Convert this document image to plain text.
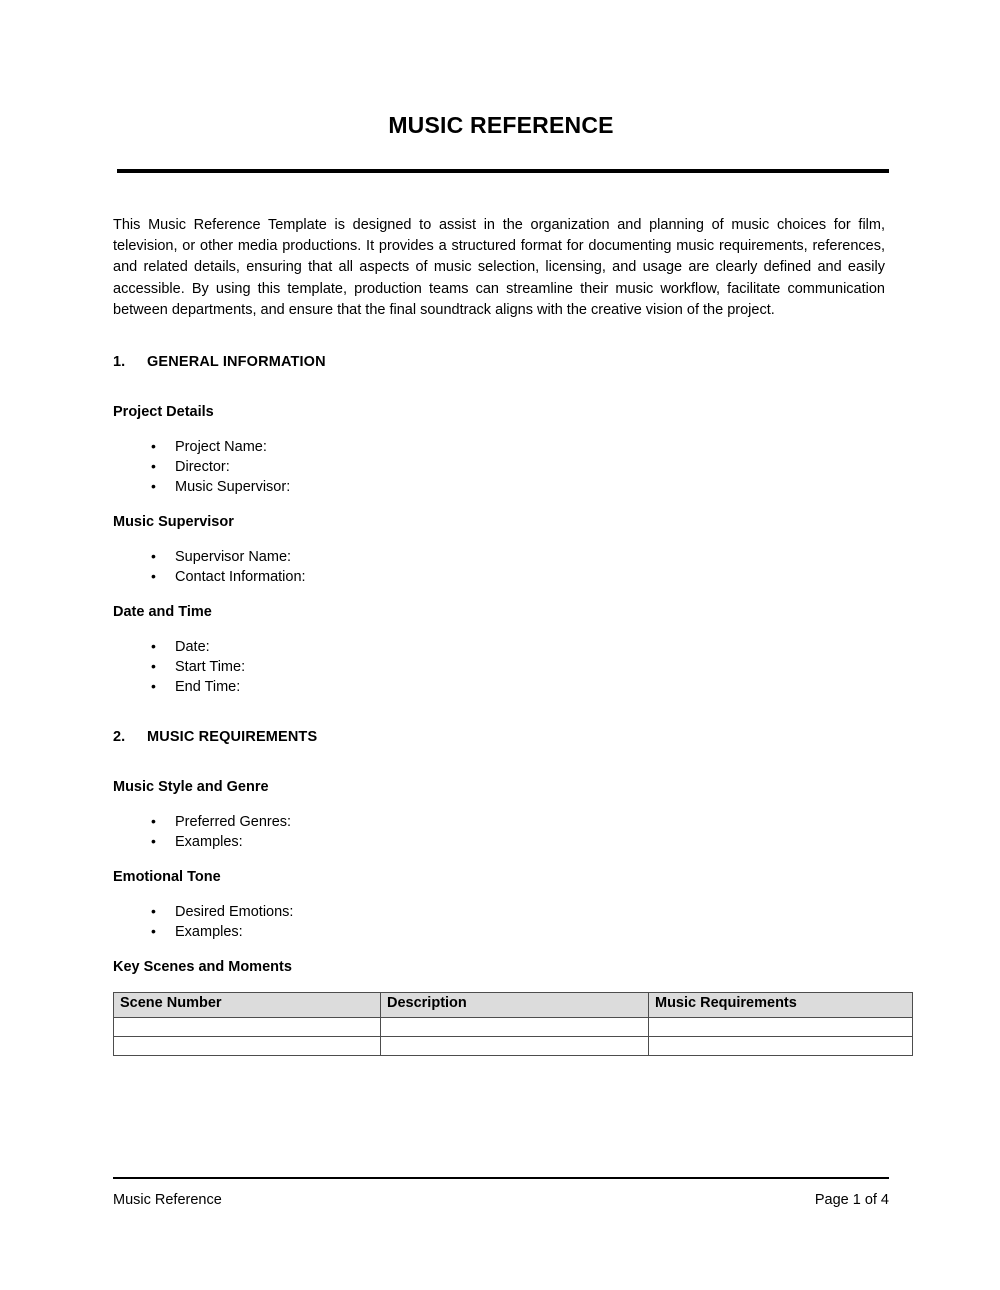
MUSIC REFERENCE

This Music Reference Template is designed to assist in the organization and planning of music choices for film, television, or other media productions. It provides a structured format for documenting music requirements, references, and related details, ensuring that all aspects of music selection, licensing, and usage are clearly defined and easily accessible. By using this template, production teams can streamline their music workflow, facilitate communication between departments, and ensure that the final soundtrack aligns with the creative vision of the project.

1.	GENERAL INFORMATION
Project Details
• Project Name:
• Director:
• Music Supervisor:
Music Supervisor
• Supervisor Name:
• Contact Information:
Date and Time
• Date:
• Start Time:
• End Time:
2.	MUSIC REQUIREMENTS
Music Style and Genre
• Preferred Genres:
• Examples:
Emotional Tone
• Desired Emotions:
• Examples:
Key Scenes and Moments
Scene Number	Description	Music Requirements

Music Reference	Page 1 of 4
